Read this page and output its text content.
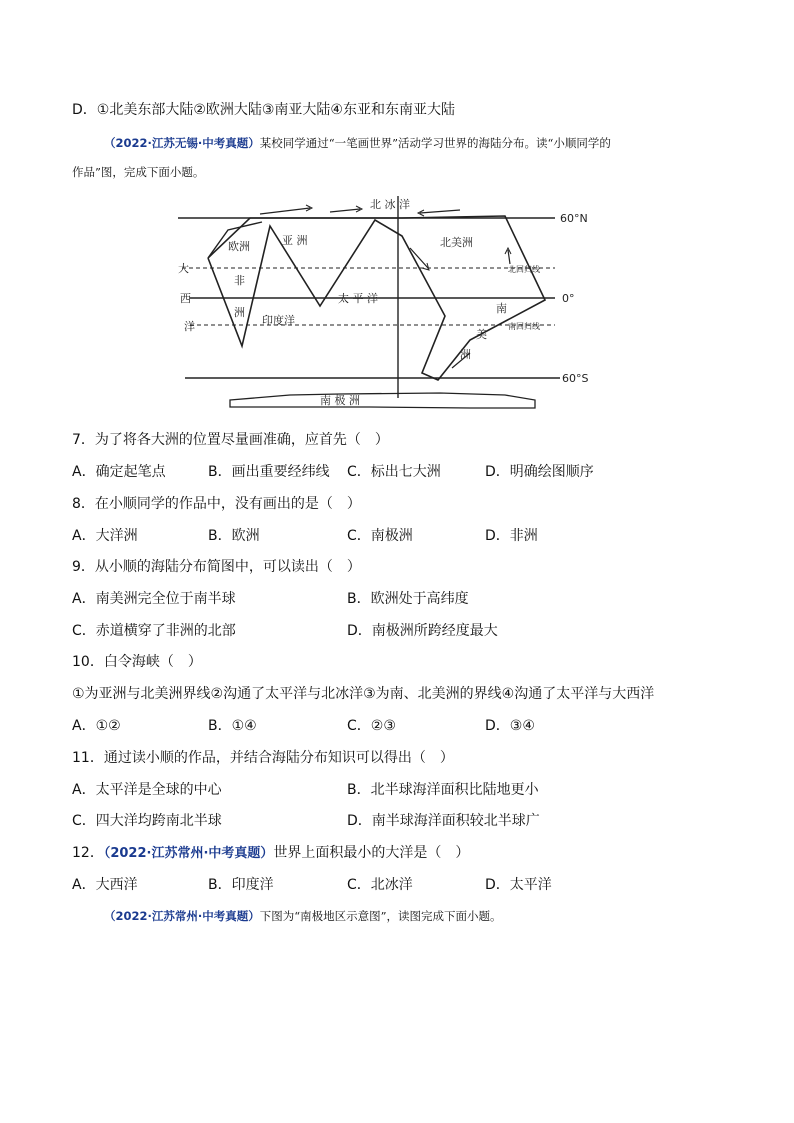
D．①北美东部大陆②欧洲大陆③南亚大陆④东亚和东南亚大陆
（2022·江苏无锡·中考真题）某校同学通过“一笔画世界”活动学习世界的海陆分布。读“小顺同学的
作品”图，完成下面小题。
60°N
0°
60°S
北回归线
南回归线
亚 洲
欧洲
非
洲
北美洲
北 冰 洋
太 平 洋
印度洋
大
西
洋
南
美
洲
南 极 洲
7．为了将各大洲的位置尽量画准确，应首先（　）
A．确定起笔点	B．画出重要经纬线 C．标出七大洲	D．明确绘图顺序
8．在小顺同学的作品中，没有画出的是（　）
A．大洋洲	B．欧洲	C．南极洲	D．非洲
9．从小顺的海陆分布简图中，可以读出（　）
A．南美洲完全位于南半球	B．欧洲处于高纬度
C．赤道横穿了非洲的北部	D．南极洲所跨经度最大
10．白令海峡（　）
①为亚洲与北美洲界线②沟通了太平洋与北冰洋③为南、北美洲的界线④沟通了太平洋与大西洋
A．①②	B．①④	C．②③	D．③④
11．通过读小顺的作品，并结合海陆分布知识可以得出（　）
A．太平洋是全球的中心	B．北半球海洋面积比陆地更小
C．四大洋均跨南北半球	D．南半球海洋面积较北半球广
12．（2022·江苏常州·中考真题）世界上面积最小的大洋是（　）
A．大西洋	B．印度洋	C．北冰洋	D．太平洋
（2022·江苏常州·中考真题）下图为“南极地区示意图”，读图完成下面小题。
